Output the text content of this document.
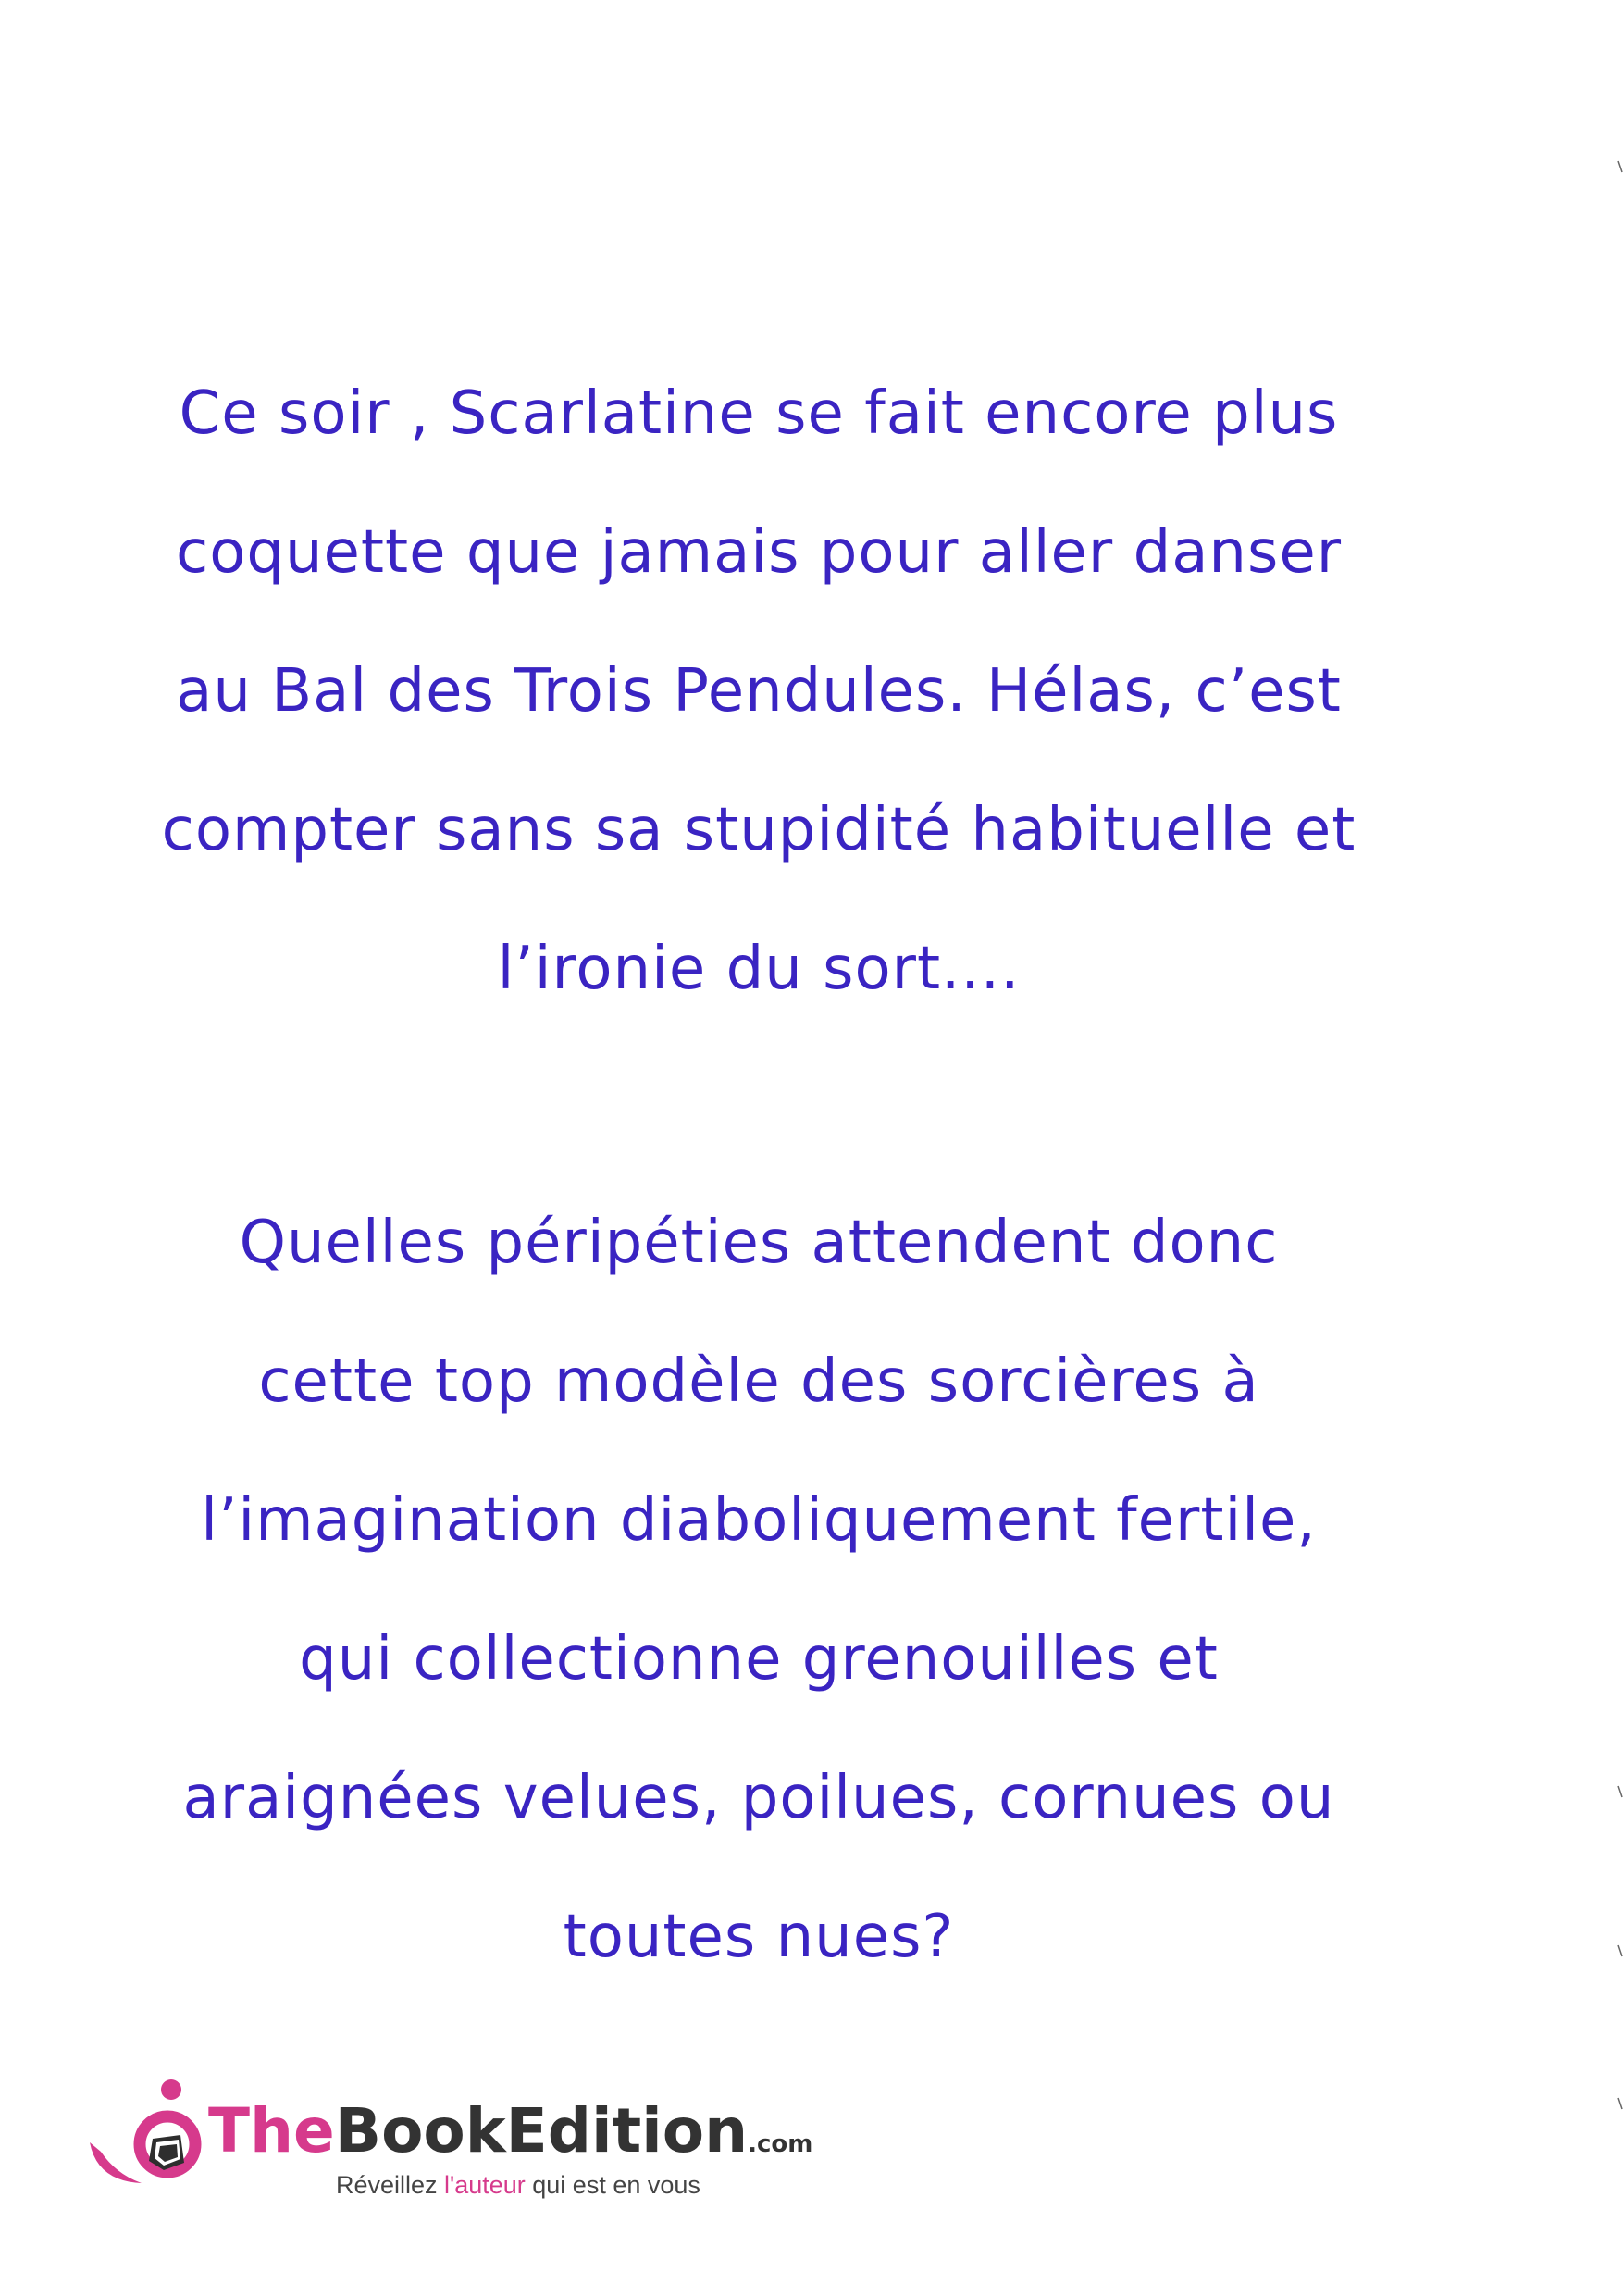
Ce soir , Scarlatine se fait encore plus
coquette que jamais pour aller danser
au Bal des Trois Pendules. Hélas, c’est
compter sans sa stupidité habituelle et
l’ironie du sort....
Quelles péripéties attendent donc
cette top modèle des sorcières à
l’imagination diaboliquement fertile,
qui collectionne grenouilles et
araignées velues, poilues, cornues ou
toutes nues?
TheBookEdition.com
Réveillez l'auteur qui est en vous
